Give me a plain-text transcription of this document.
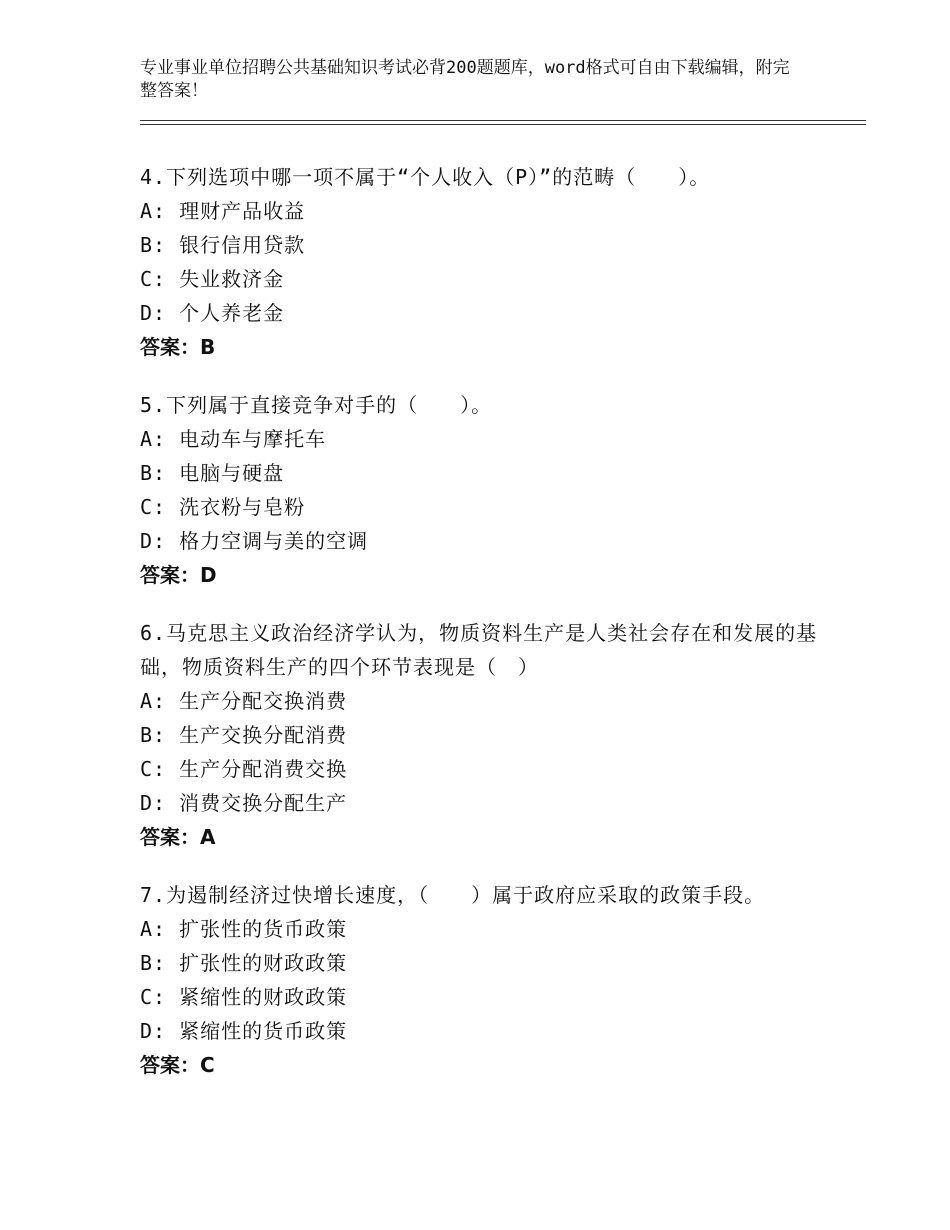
专业事业单位招聘公共基础知识考试必背200题题库，word格式可自由下载编辑，附完整答案！
4.下列选项中哪一项不属于“个人收入（P）”的范畴（　　）。
A: 理财产品收益
B: 银行信用贷款
C: 失业救济金
D: 个人养老金
答案：B
5.下列属于直接竞争对手的（　　）。
A: 电动车与摩托车
B: 电脑与硬盘
C: 洗衣粉与皂粉
D: 格力空调与美的空调
答案：D
6.马克思主义政治经济学认为，物质资料生产是人类社会存在和发展的基础，物质资料生产的四个环节表现是（　）
A: 生产分配交换消费
B: 生产交换分配消费
C: 生产分配消费交换
D: 消费交换分配生产
答案：A
7.为遏制经济过快增长速度，（　　）属于政府应采取的政策手段。
A: 扩张性的货币政策
B: 扩张性的财政政策
C: 紧缩性的财政政策
D: 紧缩性的货币政策
答案：C
